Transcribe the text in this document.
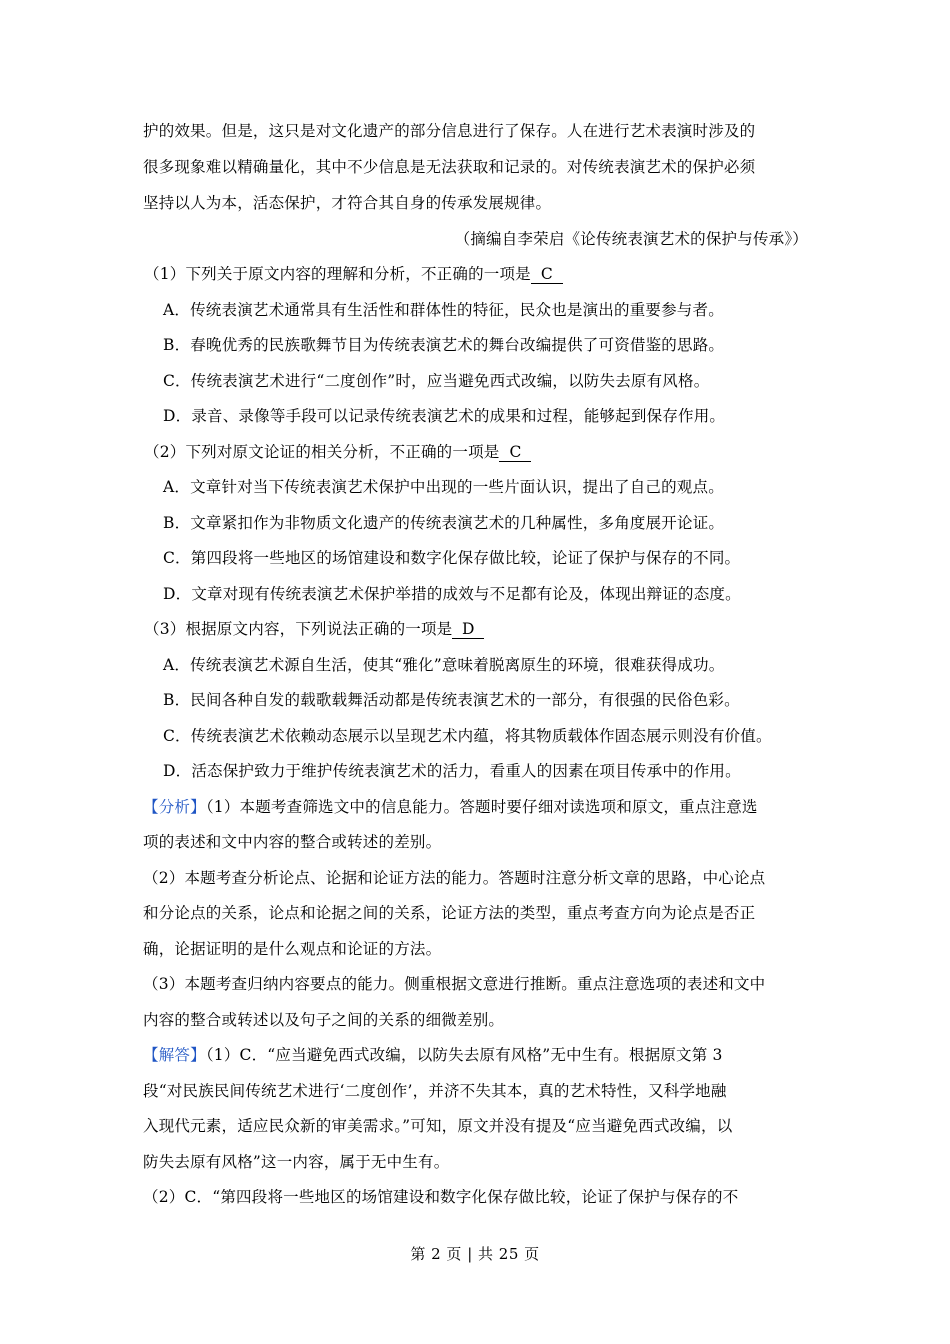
护的效果。但是，这只是对文化遗产的部分信息进行了保存。人在进行艺术表演时涉及的

很多现象难以精确量化，其中不少信息是无法获取和记录的。对传统表演艺术的保护必须

坚持以人为本，活态保护，才符合其自身的传承发展规律。

（摘编自李荣启《论传统表演艺术的保护与传承》）

（1）下列关于原文内容的理解和分析，不正确的一项是 C

A．传统表演艺术通常具有生活性和群体性的特征，民众也是演出的重要参与者。

B．春晚优秀的民族歌舞节目为传统表演艺术的舞台改编提供了可资借鉴的思路。

C．传统表演艺术进行“二度创作”时，应当避免西式改编，以防失去原有风格。

D．录音、录像等手段可以记录传统表演艺术的成果和过程，能够起到保存作用。

（2）下列对原文论证的相关分析，不正确的一项是 C

A．文章针对当下传统表演艺术保护中出现的一些片面认识，提出了自己的观点。

B．文章紧扣作为非物质文化遗产的传统表演艺术的几种属性，多角度展开论证。

C．第四段将一些地区的场馆建设和数字化保存做比较，论证了保护与保存的不同。

D．文章对现有传统表演艺术保护举措的成效与不足都有论及，体现出辩证的态度。

（3）根据原文内容，下列说法正确的一项是 D

A．传统表演艺术源自生活，使其“雅化”意味着脱离原生的环境，很难获得成功。

B．民间各种自发的载歌载舞活动都是传统表演艺术的一部分，有很强的民俗色彩。

C．传统表演艺术依赖动态展示以呈现艺术内蕴，将其物质载体作固态展示则没有价值。

D．活态保护致力于维护传统表演艺术的活力，看重人的因素在项目传承中的作用。

【分析】（1）本题考查筛选文中的信息能力。答题时要仔细对读选项和原文，重点注意选

项的表述和文中内容的整合或转述的差别。

（2）本题考查分析论点、论据和论证方法的能力。答题时注意分析文章的思路，中心论点

和分论点的关系，论点和论据之间的关系，论证方法的类型，重点考查方向为论点是否正

确，论据证明的是什么观点和论证的方法。

（3）本题考查归纳内容要点的能力。侧重根据文意进行推断。重点注意选项的表述和文中

内容的整合或转述以及句子之间的关系的细微差别。

【解答】（1）C．“应当避免西式改编，以防失去原有风格”无中生有。根据原文第 3

段“对民族民间传统艺术进行‘二度创作’，并济不失其本，真的艺术特性，又科学地融

入现代元素，适应民众新的审美需求。”可知，原文并没有提及“应当避免西式改编，以

防失去原有风格”这一内容，属于无中生有。

（2）C．“第四段将一些地区的场馆建设和数字化保存做比较，论证了保护与保存的不

第 2 页 | 共 25 页
